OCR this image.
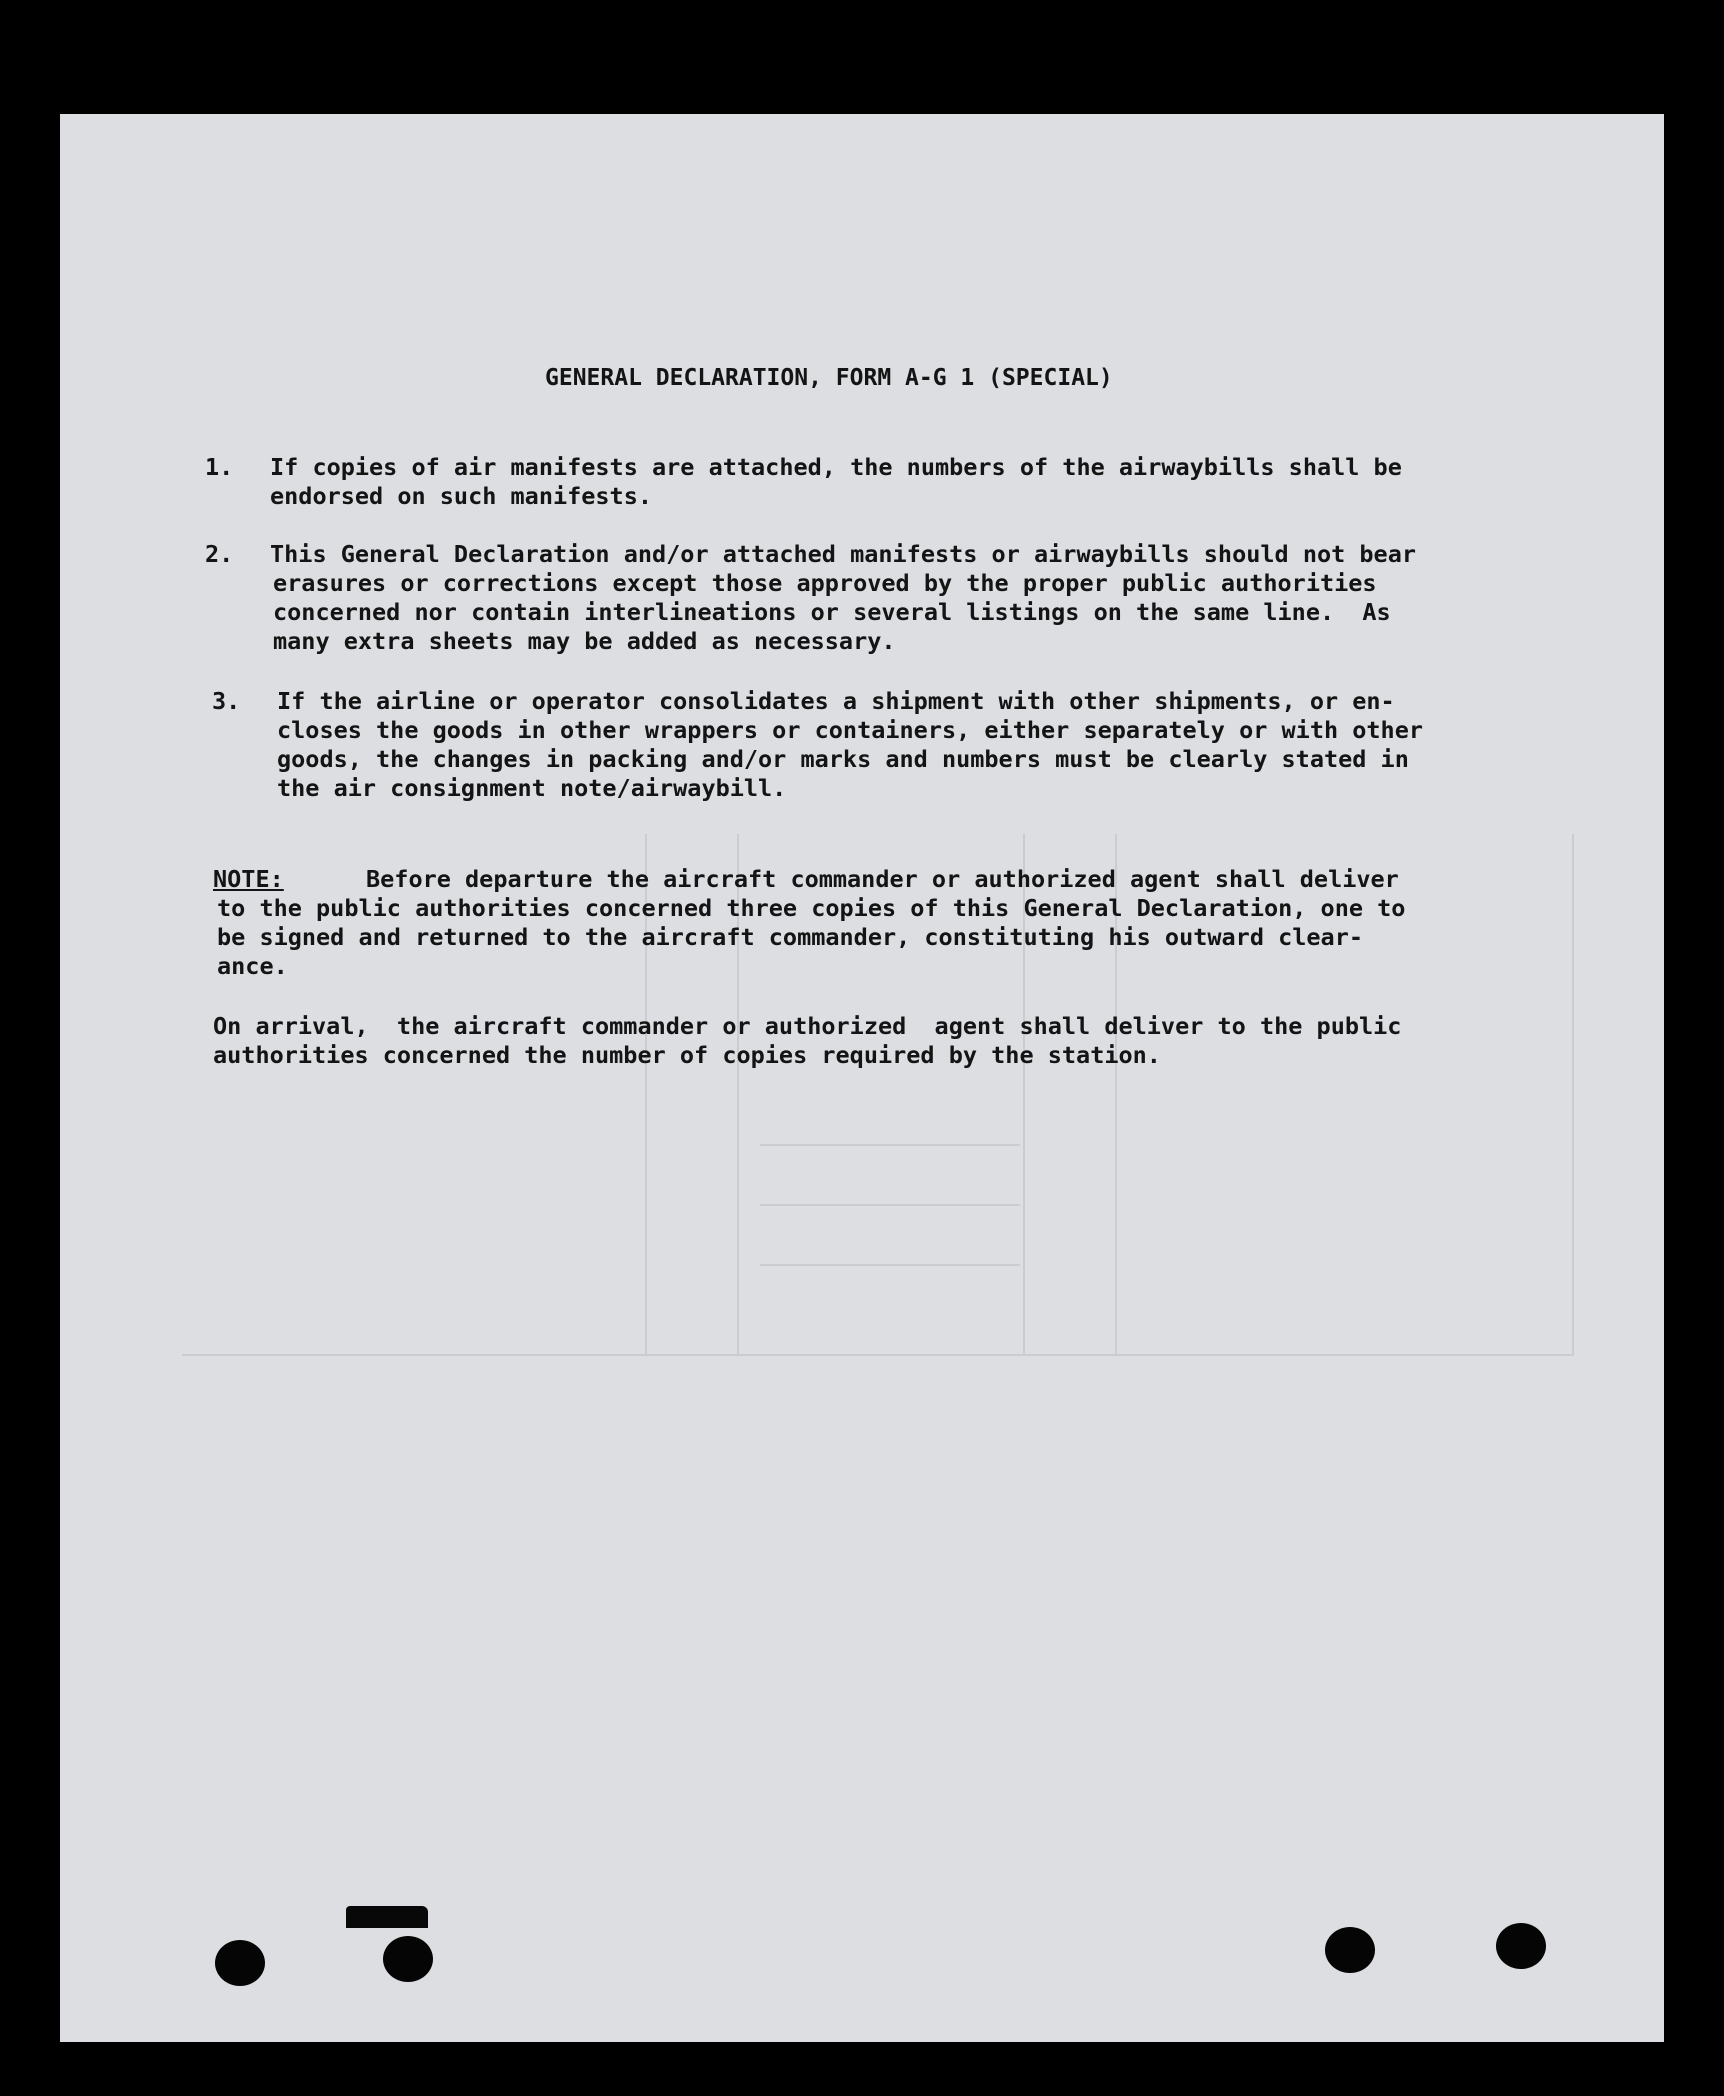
GENERAL DECLARATION, FORM A-G 1 (SPECIAL)
1. If copies of air manifests are attached, the numbers of the airwaybills shall be
endorsed on such manifests.
2. This General Declaration and/or attached manifests or airwaybills should not bear
erasures or corrections except those approved by the proper public authorities
concerned nor contain interlineations or several listings on the same line.  As
many extra sheets may be added as necessary.
3. If the airline or operator consolidates a shipment with other shipments, or en-
closes the goods in other wrappers or containers, either separately or with other
goods, the changes in packing and/or marks and numbers must be clearly stated in
the air consignment note/airwaybill.
NOTE:	Before departure the aircraft commander or authorized agent shall deliver
to the public authorities concerned three copies of this General Declaration, one to
be signed and returned to the aircraft commander, constituting his outward clear-
ance.
On arrival,  the aircraft commander or authorized  agent shall deliver to the public
authorities concerned the number of copies required by the station.
